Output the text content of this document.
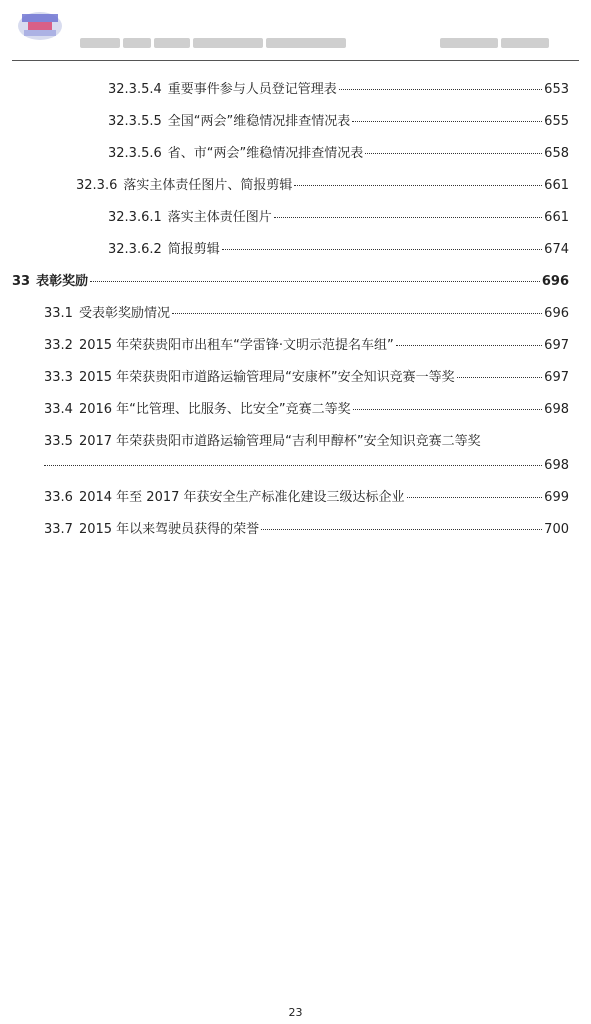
32.3.5.4 重要事件参与人员登记管理表	653
32.3.5.5 全国“两会”维稳情况排查情况表	655
32.3.5.6 省、市“两会”维稳情况排查情况表	658
32.3.6 落实主体责任图片、简报剪辑	661
32.3.6.1 落实主体责任图片	661
32.3.6.2 简报剪辑	674
33 表彰奖励	696
33.1 受表彰奖励情况	696
33.2 2015 年荣获贵阳市出租车“学雷锋·文明示范提名车组”	697
33.3 2015 年荣获贵阳市道路运输管理局“安康杯”安全知识竞赛一等奖	697
33.4 2016 年“比管理、比服务、比安全”竞赛二等奖	698
33.5 2017 年荣获贵阳市道路运输管理局“吉利甲醇杯”安全知识竞赛二等奖
698
33.6 2014 年至 2017 年获安全生产标准化建设三级达标企业	699
33.7 2015 年以来驾驶员获得的荣誉	700
23
